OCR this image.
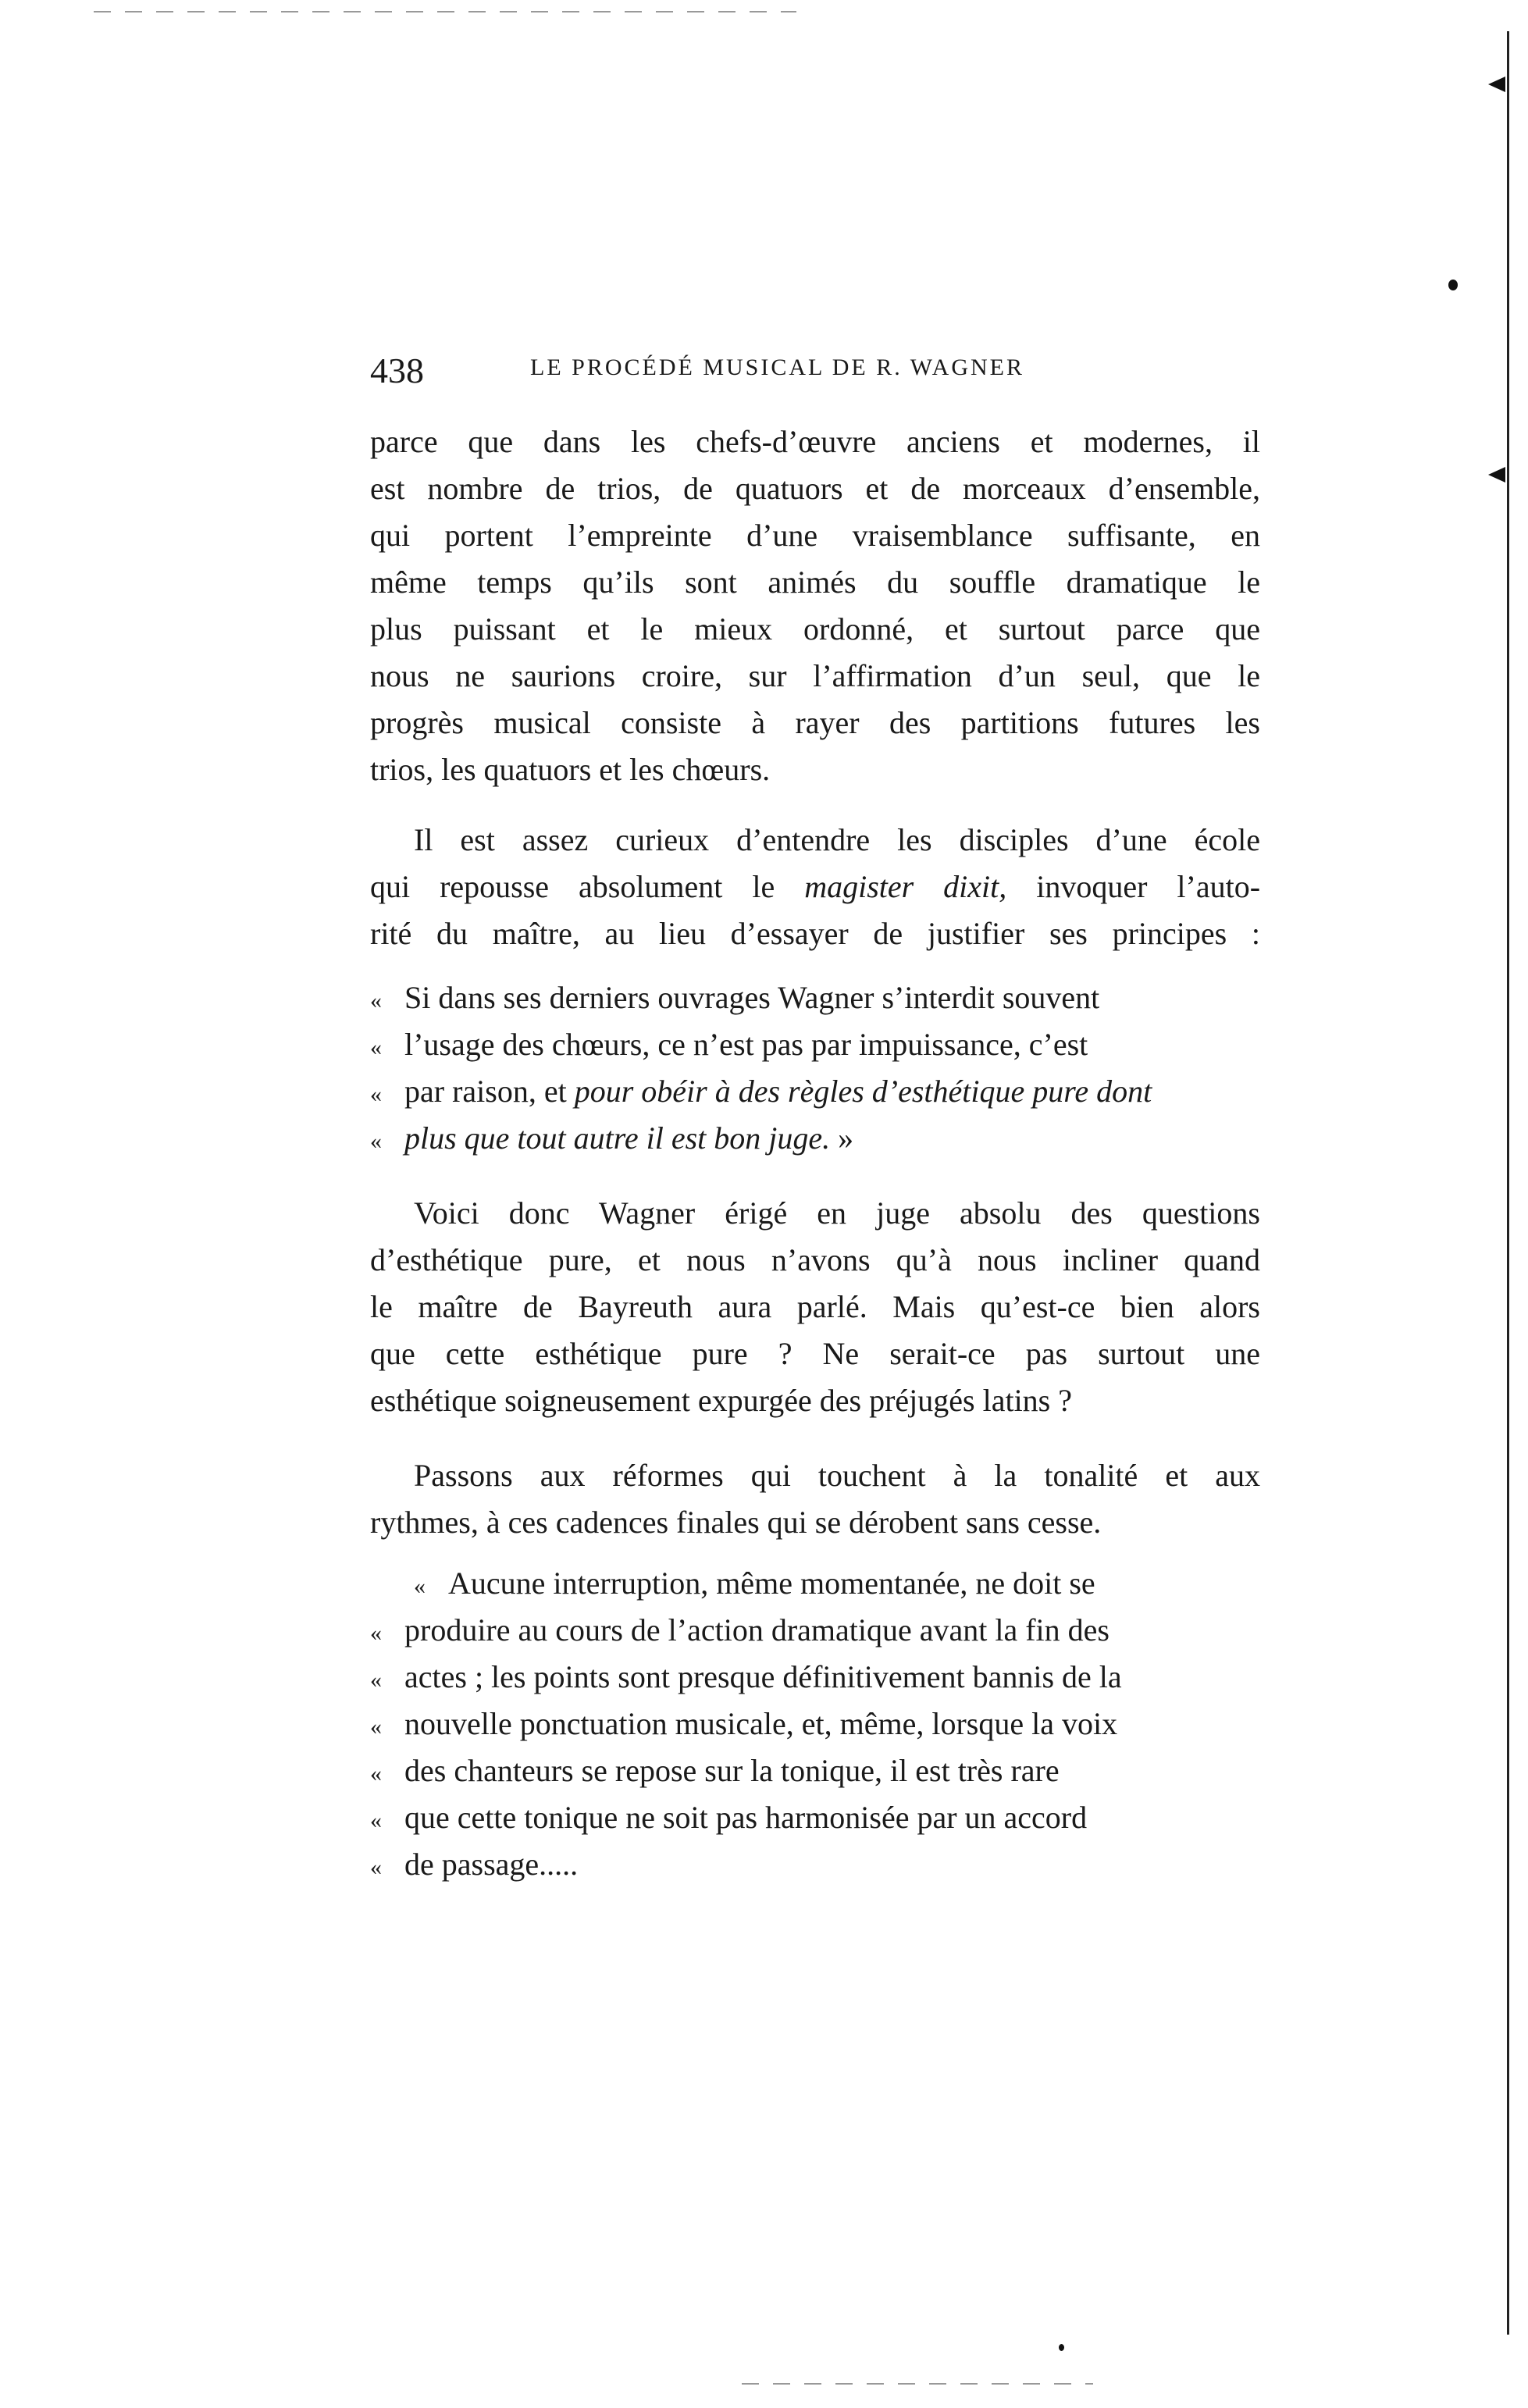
438	LE PROCÉDÉ MUSICAL DE R. WAGNER
parce que dans les chefs-d’œuvre anciens et modernes, il
est nombre de trios, de quatuors et de morceaux d’ensemble,
qui portent l’empreinte d’une vraisemblance suffisante, en
même temps qu’ils sont animés du souffle dramatique le
plus puissant et le mieux ordonné, et surtout parce que
nous ne saurions croire, sur l’affirmation d’un seul, que le
progrès musical consiste à rayer des partitions futures les
trios, les quatuors et les chœurs.
Il est assez curieux d’entendre les disciples d’une école
qui repousse absolument le magister dixit, invoquer l’auto-
rité du maître, au lieu d’essayer de justifier ses principes :
« Si dans ses derniers ouvrages Wagner s’interdit souvent
« l’usage des chœurs, ce n’est pas par impuissance, c’est
« par raison, et pour obéir à des règles d’esthétique pure dont
« plus que tout autre il est bon juge. »
Voici donc Wagner érigé en juge absolu des questions
d’esthétique pure, et nous n’avons qu’à nous incliner quand
le maître de Bayreuth aura parlé. Mais qu’est-ce bien alors
que cette esthétique pure ? Ne serait-ce pas surtout une
esthétique soigneusement expurgée des préjugés latins ?
Passons aux réformes qui touchent à la tonalité et aux
rythmes, à ces cadences finales qui se dérobent sans cesse.
« Aucune interruption, même momentanée, ne doit se
« produire au cours de l’action dramatique avant la fin des
« actes ; les points sont presque définitivement bannis de la
« nouvelle ponctuation musicale, et, même, lorsque la voix
« des chanteurs se repose sur la tonique, il est très rare
« que cette tonique ne soit pas harmonisée par un accord
« de passage.....
